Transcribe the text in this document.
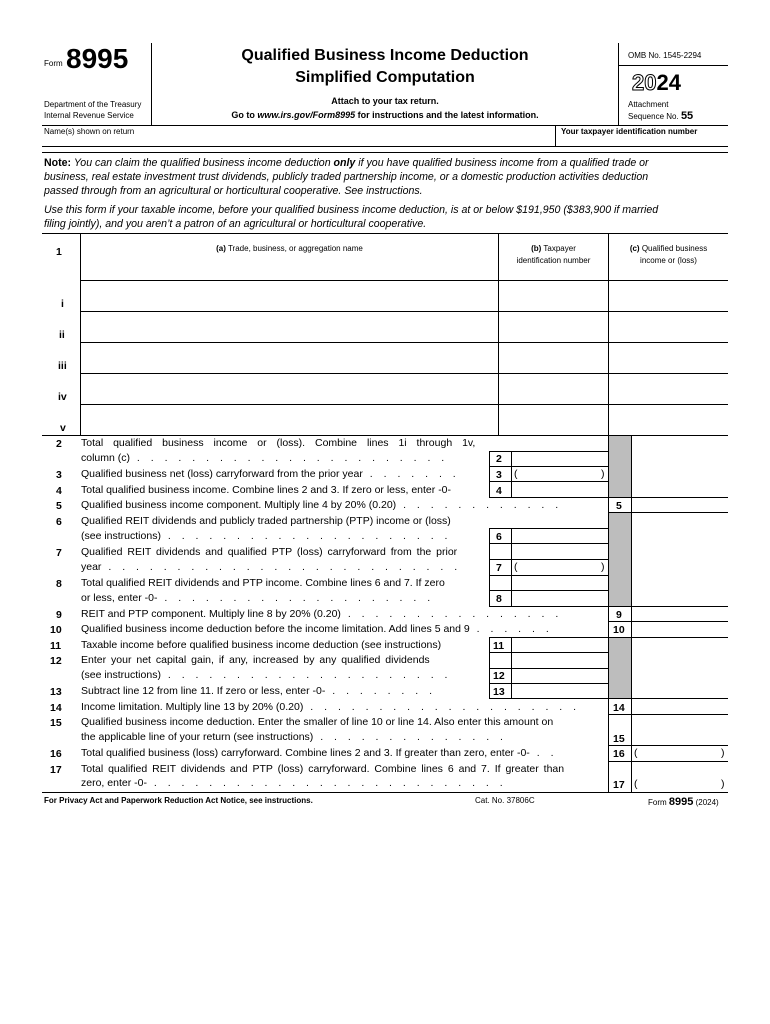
Form 8995
Department of the Treasury
Internal Revenue Service
Qualified Business Income Deduction
Simplified Computation
Attach to your tax return.
Go to www.irs.gov/Form8995 for instructions and the latest information.
OMB No. 1545-2294
2024
Attachment
Sequence No. 55
Name(s) shown on return	Your taxpayer identification number
Note: You can claim the qualified business income deduction only if you have qualified business income from a qualified trade or
business, real estate investment trust dividends, publicly traded partnership income, or a domestic production activities deduction
passed through from an agricultural or horticultural cooperative. See instructions.
Use this form if your taxable income, before your qualified business income deduction, is at or below $191,950 ($383,900 if married
filing jointly), and you aren’t a patron of an agricultural or horticultural cooperative.
1	(a) Trade, business, or aggregation name	(b) Taxpayer
identification number
(c) Qualified business
income or (loss)
i
ii
iii
iv
v
2 Total qualified business income or (loss). Combine lines 1i through 1v,
column (c) . . . . . . . . . . . . . . . . . . . . . . .	2
3 Qualified business net (loss) carryforward from the prior year . . . . . . .	3 (	)
4 Total qualified business income. Combine lines 2 and 3. If zero or less, enter -0-	4
5 Qualified business income component. Multiply line 4 by 20% (0.20) . . . . . . . . . . . .	5
6 Qualified REIT dividends and publicly traded partnership (PTP) income or (loss)
(see instructions) . . . . . . . . . . . . . . . . . . . . .	6
7 Qualified REIT dividends and qualified PTP (loss) carryforward from the prior
year . . . . . . . . . . . . . . . . . . . . . . . . . .	7 (	)
8 Total qualified REIT dividends and PTP income. Combine lines 6 and 7. If zero
or less, enter -0- . . . . . . . . . . . . . . . . . . . .	8
9 REIT and PTP component. Multiply line 8 by 20% (0.20) . . . . . . . . . . . . . . . .	9
10 Qualified business income deduction before the income limitation. Add lines 5 and 9 . . . . . .	10
11 Taxable income before qualified business income deduction (see instructions)	11
12 Enter your net capital gain, if any, increased by any qualified dividends
(see instructions) . . . . . . . . . . . . . . . . . . . . .	12
13 Subtract line 12 from line 11. If zero or less, enter -0- . . . . . . . .	13
14 Income limitation. Multiply line 13 by 20% (0.20) . . . . . . . . . . . . . . . . . . . .	14
15 Qualified business income deduction. Enter the smaller of line 10 or line 14. Also enter this amount on
the applicable line of your return (see instructions) . . . . . . . . . . . . . .	15
16 Total qualified business (loss) carryforward. Combine lines 2 and 3. If greater than zero, enter -0- . .	16 (	)
17 Total qualified REIT dividends and PTP (loss) carryforward. Combine lines 6 and 7. If greater than
zero, enter -0- . . . . . . . . . . . . . . . . . . . . . . . . . .	17 (	)
For Privacy Act and Paperwork Reduction Act Notice, see instructions.	Cat. No. 37806C	Form 8995 (2024)
